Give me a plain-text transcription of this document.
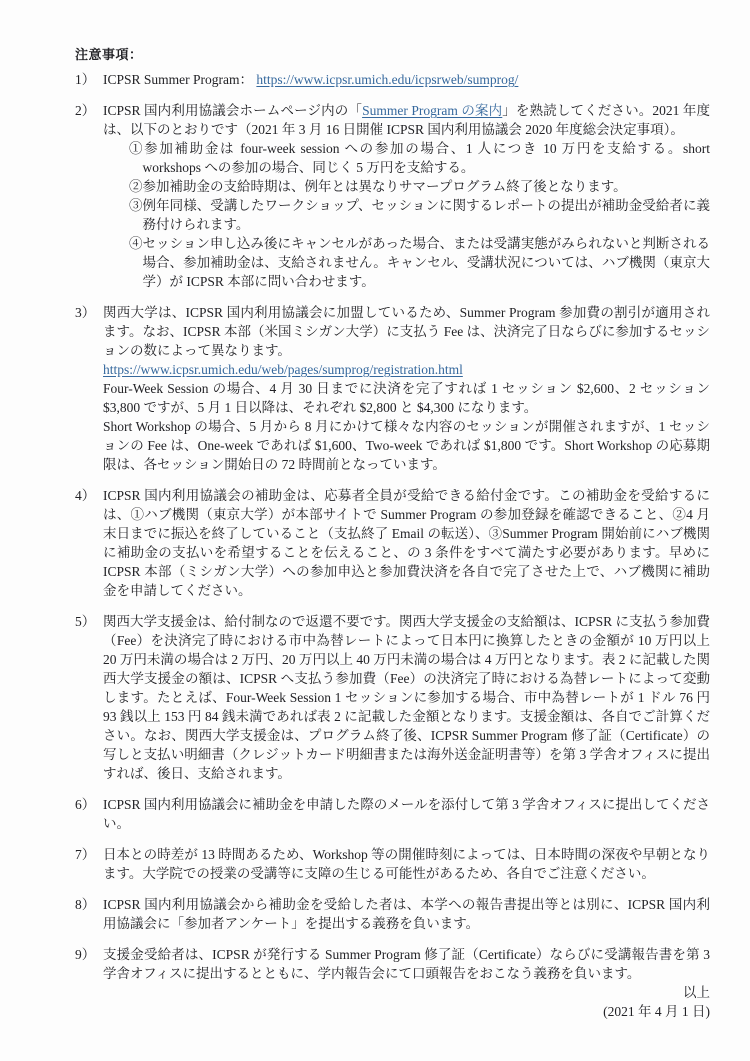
注意事項：
1） ICPSR Summer Program： https://www.icpsr.umich.edu/icpsrweb/sumprog/
2） ICPSR 国内利用協議会ホームページ内の「Summer Program の案内」を熟読してください。2021 年度は、以下のとおりです（2021 年 3 月 16 日開催 ICPSR 国内利用協議会 2020 年度総会決定事項）。
①参加補助金は four-week session への参加の場合、1 人につき 10 万円を支給する。short workshops への参加の場合、同じく 5 万円を支給する。
②参加補助金の支給時期は、例年とは異なりサマープログラム終了後となります。
③例年同様、受講したワークショップ、セッションに関するレポートの提出が補助金受給者に義務付けられます。
④セッション申し込み後にキャンセルがあった場合、または受講実態がみられないと判断される場合、参加補助金は、支給されません。キャンセル、受講状況については、ハブ機関（東京大学）が ICPSR 本部に問い合わせます。
3） 関西大学は、ICPSR 国内利用協議会に加盟しているため、Summer Program 参加費の割引が適用されます。なお、ICPSR 本部（米国ミシガン大学）に支払う Fee は、決済完了日ならびに参加するセッションの数によって異なります。
https://www.icpsr.umich.edu/web/pages/sumprog/registration.html
Four-Week Session の場合、4 月 30 日までに決済を完了すれば 1 セッション $2,600、2 セッション $3,800 ですが、5 月 1 日以降は、それぞれ $2,800 と $4,300 になります。
Short Workshop の場合、5 月から 8 月にかけて様々な内容のセッションが開催されますが、1 セッションの Fee は、One-week であれば $1,600、Two-week であれば $1,800 です。Short Workshop の応募期限は、各セッション開始日の 72 時間前となっています。
4） ICPSR 国内利用協議会の補助金は、応募者全員が受給できる給付金です。この補助金を受給するには、①ハブ機関（東京大学）が本部サイトで Summer Program の参加登録を確認できること、②4 月末日までに振込を終了していること（支払終了 Email の転送）、③Summer Program 開始前にハブ機関に補助金の支払いを希望することを伝えること、の 3 条件をすべて満たす必要があります。早めに ICPSR 本部（ミシガン大学）への参加申込と参加費決済を各自で完了させた上で、ハブ機関に補助金を申請してください。
5） 関西大学支援金は、給付制なので返還不要です。関西大学支援金の支給額は、ICPSR に支払う参加費（Fee）を決済完了時における市中為替レートによって日本円に換算したときの金額が 10 万円以上 20 万円未満の場合は 2 万円、20 万円以上 40 万円未満の場合は 4 万円となります。表 2 に記載した関西大学支援金の額は、ICPSR へ支払う参加費（Fee）の決済完了時における為替レートによって変動します。たとえば、Four-Week Session 1 セッションに参加する場合、市中為替レートが 1 ドル 76 円 93 銭以上 153 円 84 銭未満であれば表 2 に記載した金額となります。支援金額は、各自でご計算ください。なお、関西大学支援金は、プログラム終了後、ICPSR Summer Program 修了証（Certificate）の写しと支払い明細書（クレジットカード明細書または海外送金証明書等）を第 3 学舎オフィスに提出すれば、後日、支給されます。
6） ICPSR 国内利用協議会に補助金を申請した際のメールを添付して第 3 学舎オフィスに提出してください。
7） 日本との時差が 13 時間あるため、Workshop 等の開催時刻によっては、日本時間の深夜や早朝となります。大学院での授業の受講等に支障の生じる可能性があるため、各自でご注意ください。
8） ICPSR 国内利用協議会から補助金を受給した者は、本学への報告書提出等とは別に、ICPSR 国内利用協議会に「参加者アンケート」を提出する義務を負います。
9） 支援金受給者は、ICPSR が発行する Summer Program 修了証（Certificate）ならびに受講報告書を第 3 学舎オフィスに提出するとともに、学内報告会にて口頭報告をおこなう義務を負います。
以上
(2021 年 4 月 1 日)
